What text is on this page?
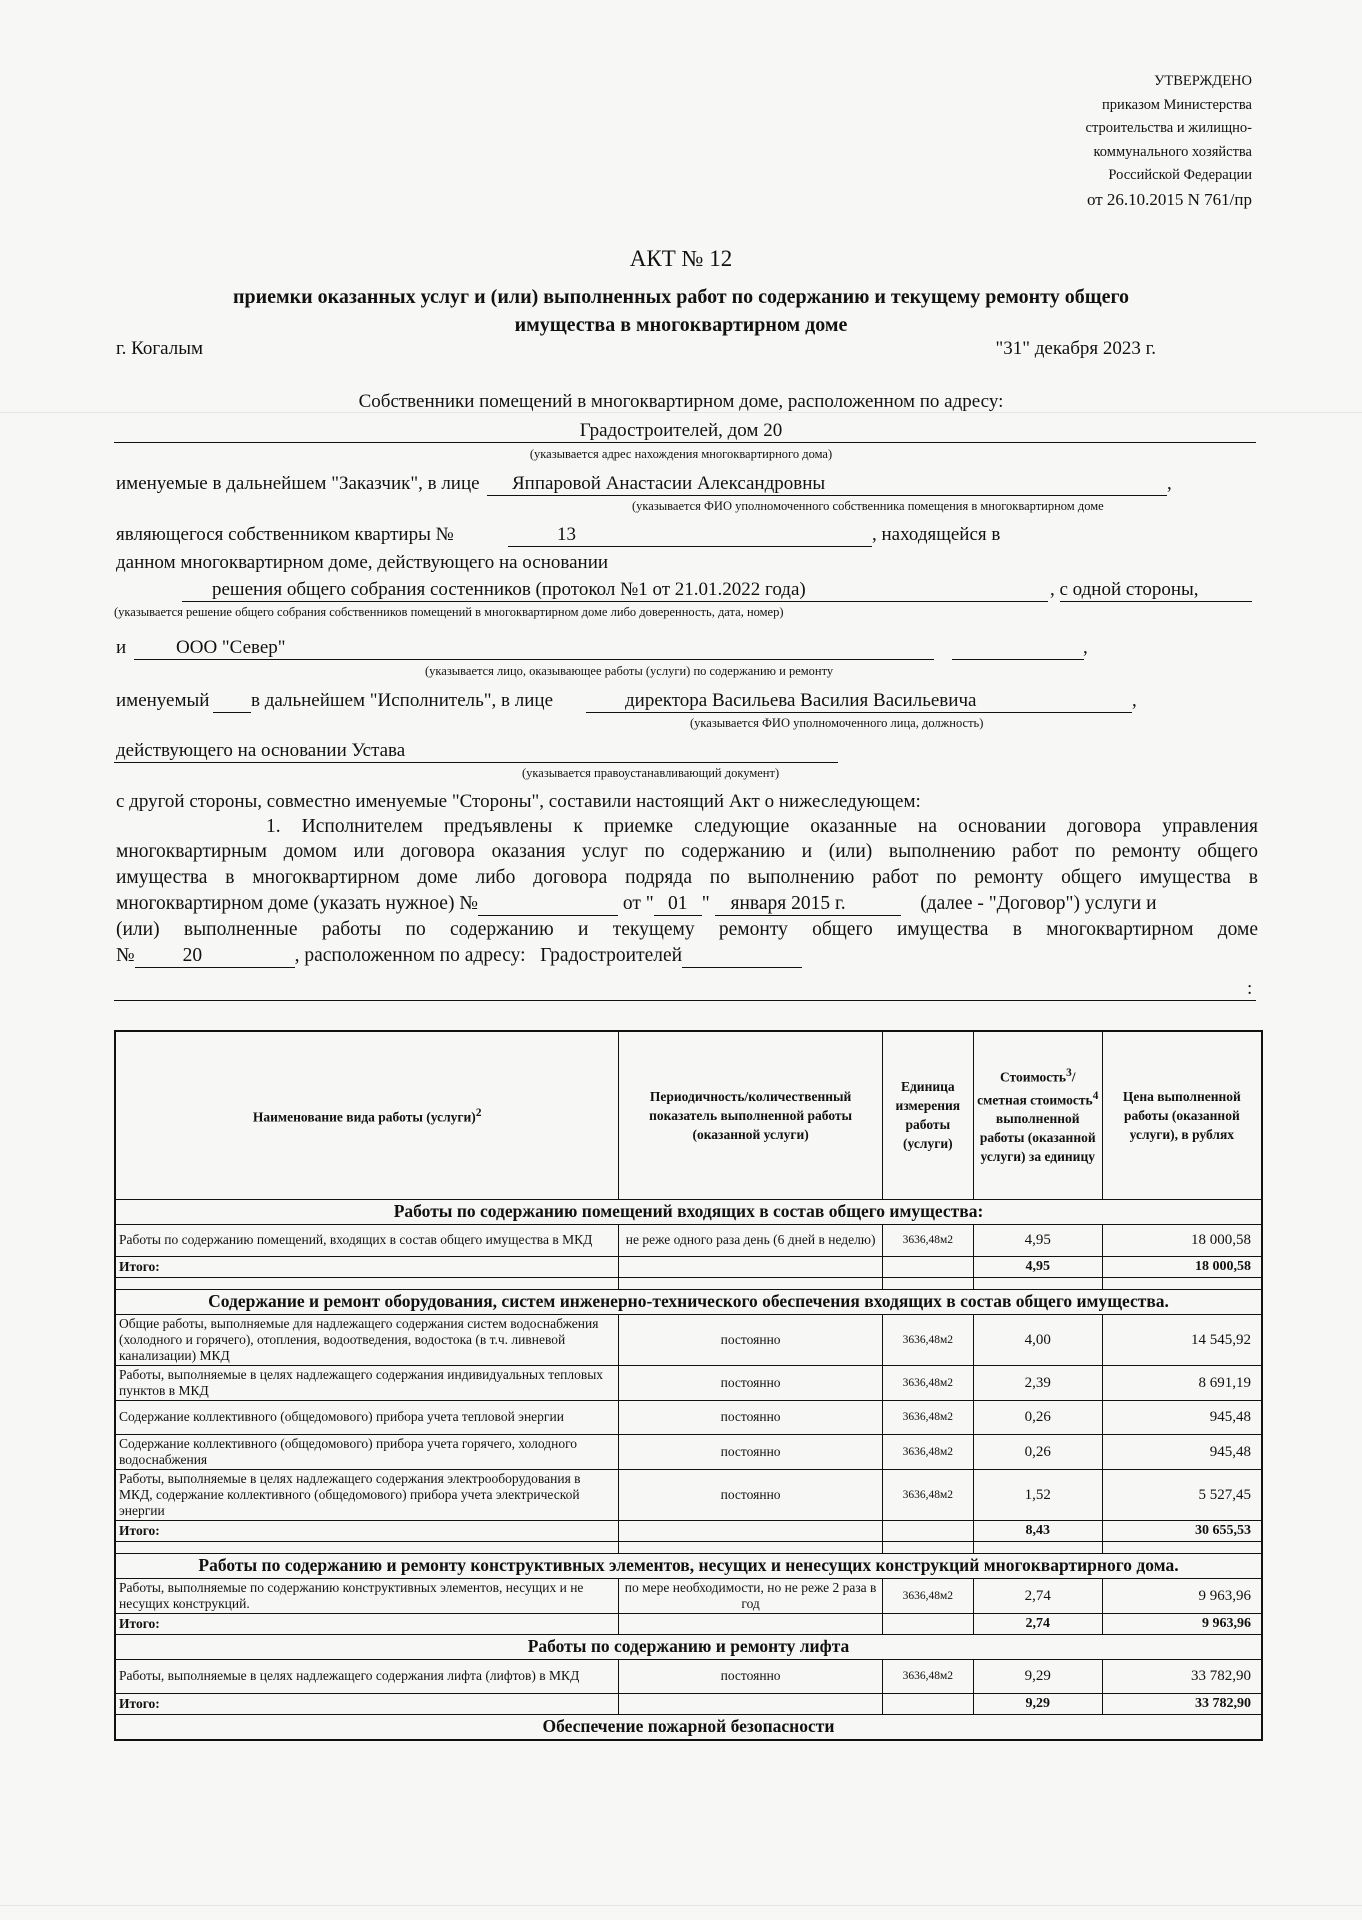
УТВЕРЖДЕНО
приказом Министерства
строительства и жилищно-
коммунального хозяйства
Российской Федерации
от 26.10.2015 N 761/пр
АКТ № 12
приемки оказанных услуг и (или) выполненных работ по содержанию и текущему ремонту общего
имущества в многоквартирном доме
г. Когалым	"31" декабря 2023 г.
Собственники помещений в многоквартирном доме, расположенном по адресу:
Градостроителей, дом 20
(указывается адрес нахождения многоквартирного дома)
именуемые в дальнейшем "Заказчик", в лице Яппаровой Анастасии Александровны	,
(указывается ФИО уполномоченного собственника помещения в многоквартирном доме
являющегося собственником квартиры №	13	, находящейся в
данном многоквартирном доме, действующего на основании
решения общего собрания состенников (протокол №1 от 21.01.2022 года)	, с одной стороны,
(указывается решение общего собрания собственников помещений в многоквартирном доме либо доверенность, дата, номер)
и	ООО "Север"	,
(указывается лицо, оказывающее работы (услуги) по содержанию и ремонту
именуемый в дальнейшем "Исполнитель", в лице	директора Васильева Василия Васильевича	,
(указывается ФИО уполномоченного лица, должность)
действующего на основании Устава
(указывается правоустанавливающий документ)
с другой стороны, совместно именуемые "Стороны", составили настоящий Акт о нижеследующем:
1. Исполнителем предъявлены к приемке следующие оказанные на основании договора управления
многоквартирным домом или договора оказания услуг по содержанию и (или) выполнению работ по ремонту общего
имущества в многоквартирном доме либо договора подряда по выполнению работ по ремонту общего имущества в
многоквартирном доме (указать нужное) №	от " 01 " января 2015 г.	(далее - "Договор") услуги и
(или) выполненные работы по содержанию и текущему ремонту общего имущества в многоквартирном доме
№ 20	, расположенном по адресу: Градостроителей
:
Наименование вида работы (услуги)$^2$	Периодичность/количественный показатель выполненной работы (оказанной услуги)	Единица измерения работы (услуги)	Стоимость$^3$/сметная стоимость$^4$ выполненной работы (оказанной услуги) за единицу	Цена выполненной работы (оказанной услуги), в рублях
Работы по содержанию помещений входящих в состав общего имущества:				
Работы по содержанию помещений, входящих в состав общего имущества в МКД	не реже одного раза день (6 дней в неделю)	3636,48м2	4,95	18 000,58
Итого:			4,95	18 000,58

Содержание и ремонт оборудования, систем инженерно-технического обеспечения входящих в состав общего имущества.				
Общие работы, выполняемые для надлежащего содержания систем водоснабжения (холодного и горячего), отопления, водоотведения, водостока (в т.ч. ливневой канализации) МКД	постоянно	3636,48м2	4,00	14 545,92
Работы, выполняемые в целях надлежащего содержания индивидуальных тепловых пунктов в МКД	постоянно	3636,48м2	2,39	8 691,19
Содержание коллективного (общедомового) прибора учета тепловой энергии	постоянно	3636,48м2	0,26	945,48
Содержание коллективного (общедомового) прибора учета горячего, холодного водоснабжения	постоянно	3636,48м2	0,26	945,48
Работы, выполняемые в целях надлежащего содержания электрооборудования в МКД, содержание коллективного (общедомового) прибора учета электрической энергии	постоянно	3636,48м2	1,52	5 527,45
Итого:			8,43	30 655,53

Работы по содержанию и ремонту конструктивных элементов, несущих и ненесущих конструкций многоквартирного дома.				
Работы, выполняемые по содержанию конструктивных элементов, несущих и не несущих конструкций.	по мере необходимости, но не реже 2 раза в год	3636,48м2	2,74	9 963,96
Итого:			2,74	9 963,96
Работы по содержанию и ремонту лифта				
Работы, выполняемые в целях надлежащего содержания лифта (лифтов) в МКД	постоянно	3636,48м2	9,29	33 782,90
Итого:			9,29	33 782,90
Обеспечение пожарной безопасности				
